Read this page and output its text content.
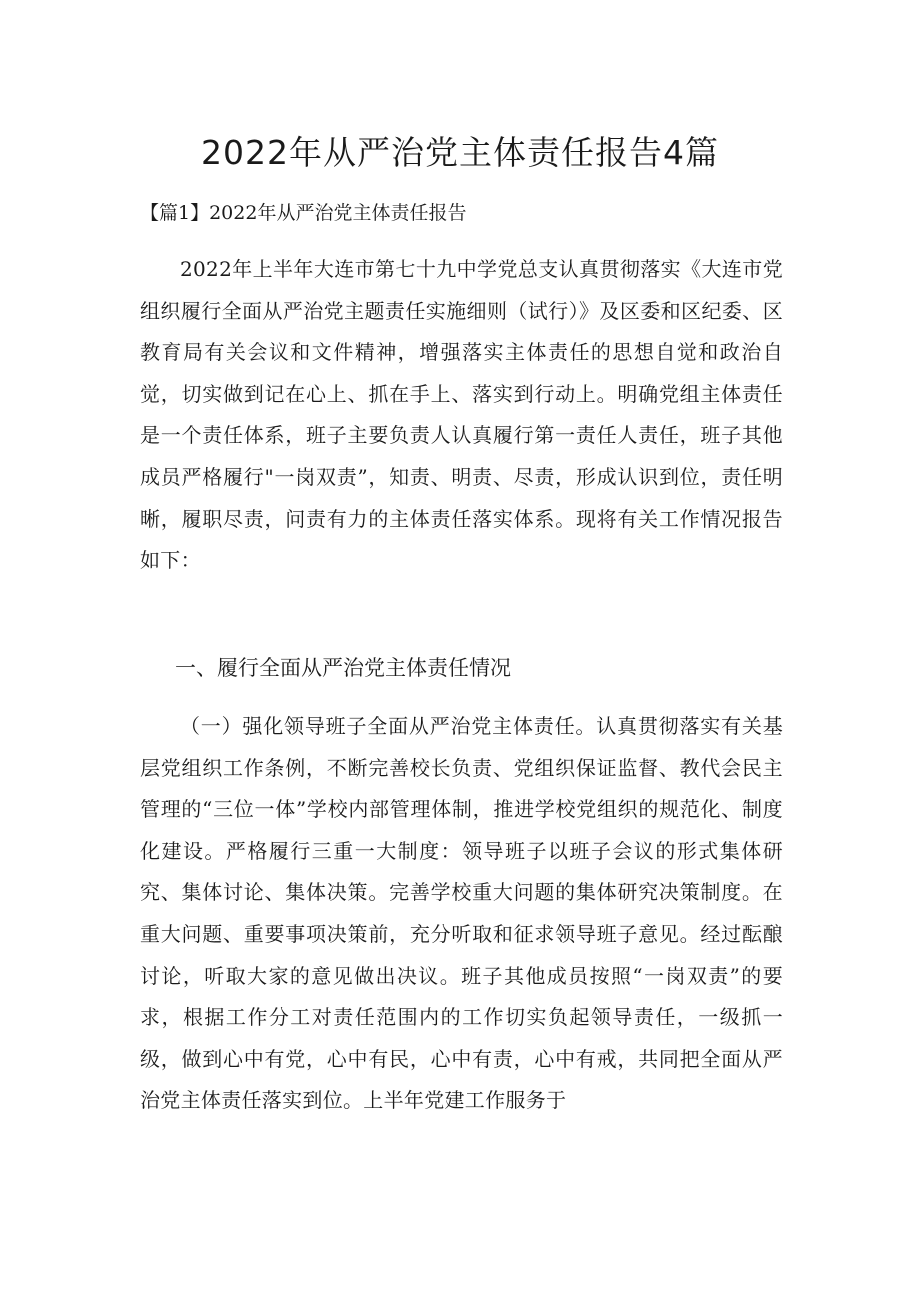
2022年从严治党主体责任报告4篇

【篇1】2022年从严治党主体责任报告

2022年上半年大连市第七十九中学党总支认真贯彻落实《大连市党组织履行全面从严治党主题责任实施细则（试行）》及区委和区纪委、区教育局有关会议和文件精神，增强落实主体责任的思想自觉和政治自觉，切实做到记在心上、抓在手上、落实到行动上。明确党组主体责任是一个责任体系，班子主要负责人认真履行第一责任人责任，班子其他成员严格履行"一岗双责”，知责、明责、尽责，形成认识到位，责任明晰，履职尽责，问责有力的主体责任落实体系。现将有关工作情况报告如下：

一、履行全面从严治党主体责任情况

（一）强化领导班子全面从严治党主体责任。认真贯彻落实有关基层党组织工作条例，不断完善校长负责、党组织保证监督、教代会民主管理的“三位一体”学校内部管理体制，推进学校党组织的规范化、制度化建设。严格履行三重一大制度：领导班子以班子会议的形式集体研究、集体讨论、集体决策。完善学校重大问题的集体研究决策制度。在重大问题、重要事项决策前，充分听取和征求领导班子意见。经过酝酿讨论，听取大家的意见做出决议。班子其他成员按照“一岗双责”的要求，根据工作分工对责任范围内的工作切实负起领导责任，一级抓一级，做到心中有党，心中有民，心中有责，心中有戒，共同把全面从严治党主体责任落实到位。上半年党建工作服务于
